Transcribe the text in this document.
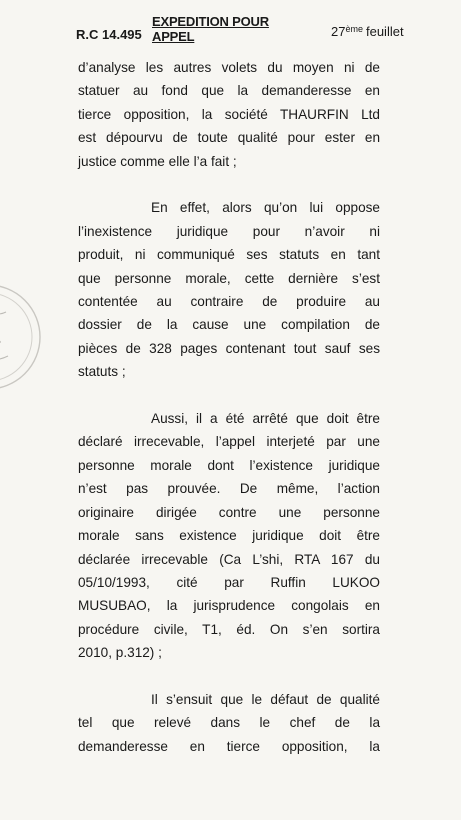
EXPEDITION POUR APPEL
R.C 14.495	27ème feuillet
d’analyse les autres volets du moyen ni de
statuer au fond que la demanderesse en
tierce opposition, la société THAURFIN Ltd
est dépourvu de toute qualité pour ester en
justice comme elle l’a fait ;
En effet, alors qu’on lui oppose
l’inexistence juridique pour n’avoir ni
produit, ni communiqué ses statuts en tant
que personne morale, cette dernière s’est
contentée au contraire de produire au
dossier de la cause une compilation de
pièces de 328 pages contenant tout sauf ses
statuts ;
Aussi, il a été arrêté que doit être
déclaré irrecevable, l’appel interjeté par une
personne morale dont l’existence juridique
n’est pas prouvée. De même, l’action
originaire dirigée contre une personne
morale sans existence juridique doit être
déclarée irrecevable (Ca L’shi, RTA 167 du
05/10/1993, cité par Ruffin LUKOO
MUSUBAO, la jurisprudence congolais en
procédure civile, T1, éd. On s’en sortira
2010, p.312) ;
Il s’ensuit que le défaut de qualité
tel que relevé dans le chef de la
demanderesse en tierce opposition, la
